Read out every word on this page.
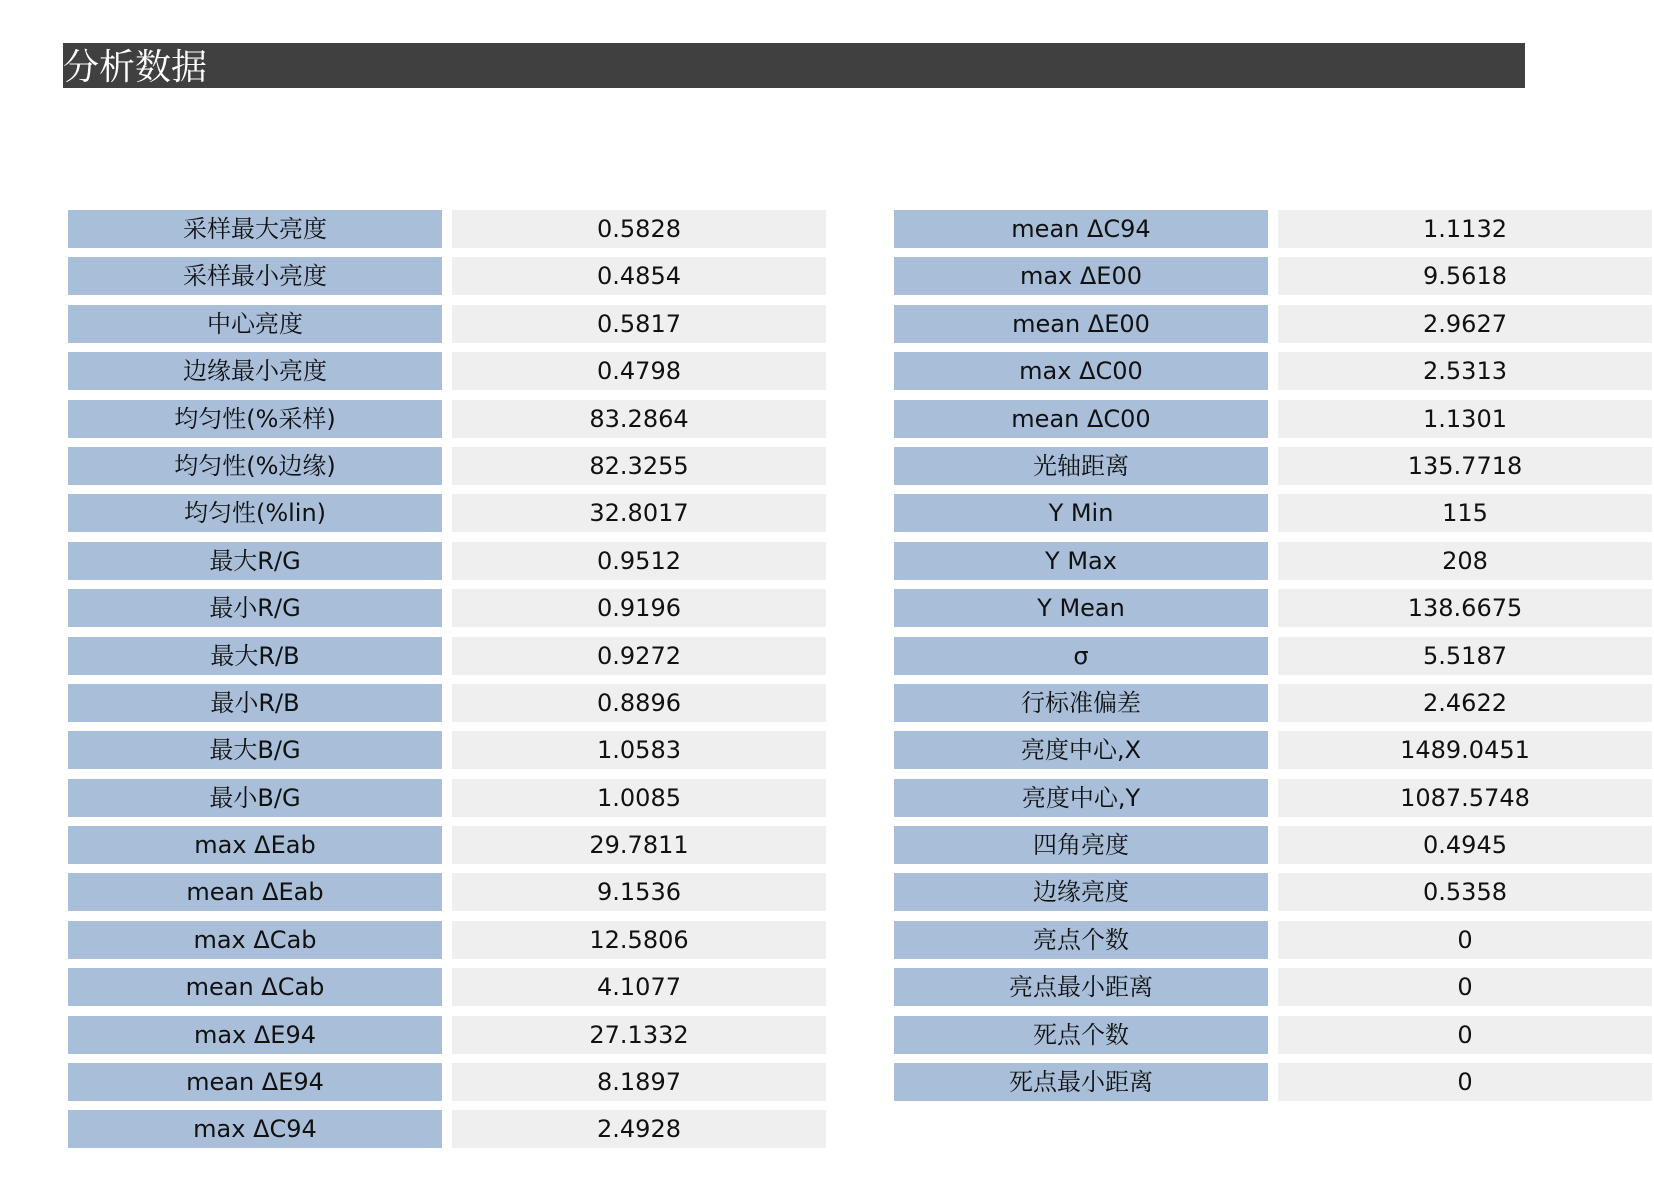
分析数据
采样最大亮度	0.5828
采样最小亮度	0.4854
中心亮度	0.5817
边缘最小亮度	0.4798
均匀性(%采样)	83.2864
均匀性(%边缘)	82.3255
均匀性(%lin)	32.8017
最大R/G	0.9512
最小R/G	0.9196
最大R/B	0.9272
最小R/B	0.8896
最大B/G	1.0583
最小B/G	1.0085
max ΔEab	29.7811
mean ΔEab	9.1536
max ΔCab	12.5806
mean ΔCab	4.1077
max ΔE94	27.1332
mean ΔE94	8.1897
max ΔC94	2.4928
mean ΔC94	1.1132
max ΔE00	9.5618
mean ΔE00	2.9627
max ΔC00	2.5313
mean ΔC00	1.1301
光轴距离	135.7718
Y Min	115
Y Max	208
Y Mean	138.6675
σ	5.5187
行标准偏差	2.4622
亮度中心,X	1489.0451
亮度中心,Y	1087.5748
四角亮度	0.4945
边缘亮度	0.5358
亮点个数	0
亮点最小距离	0
死点个数	0
死点最小距离	0
